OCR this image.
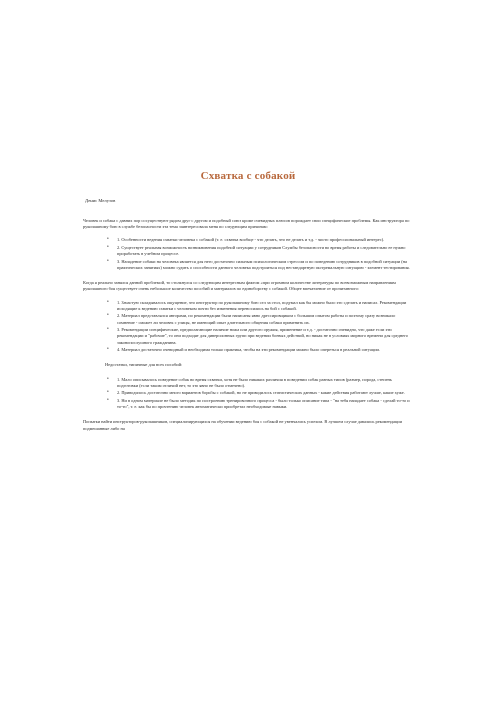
Схватка с собакой
Денис Мелузов

Человек и собака с давних пор сосуществуют рядом друг с другом и подобный союз кроме очевидных плюсов порождает свои специфические проблемы. Как инструктора по рукопашному бою в службе безопасности эта тема заинтересовала меня по следующим причинам:

• 1. Особенности ведения схватки человека с собакой (т. е. схватка вообще - что делать, что не делать и т.д. - чисто профессиональный интерес).
• 2. Существует реальная возможность возникновения подобной ситуации у сотрудников Службы безопасности во время работы и следовательно ее нужно проработать в учебном процессе.
• 3. Нападение собаки на человека является для него достаточно сильным психологическим стрессом и по поведению сотрудников в подобной ситуации (на практических занятиях) можно судить о способности данного человека подстроиться под нестандартную экстремальную ситуацию - элемент тестирования.

Когда я реально занялся данной проблемой, то столкнулся со следующим интересным фактом «при огромном количестве литературы по всевозможным направлениям рукопашного боя существует очень небольшое количество пособий и материалов по единоборству с собакой. Общее впечатление от прочитанного:

• 1. Зачастую складывалось ощущение, что инструктор по рукопашному бою сел за стол, подумал как бы можно было это сделать и написал. Рекомендации исходящие к ведению схватки с человеком почти без изменения переносились на бой с собакой.
• 2. Материал представлялся авторами, по рекомендации были написаны явно дрессировщиком с большим опытом работы и поэтому сразу возникало сомнение - сможет ли человек с улицы, не имеющий опыт длительного общения собаки применить их.
• 3. Рекомендации специфические, предполагающие наличие ножа или другого оружия, применение и т.д. - достаточно очевидно, что даже если эти рекомендации и "рабочие", то они подходят для диверсионных групп при ведении боевых действий, но никак не в условиях мирного времени для среднего законопослушного гражданина.
• 4. Материал достаточно очевидный и необходима только практика, чтобы на эти рекомендации можно было опереться в реальной ситуации.
Недостатки, типичные для всех пособий:
• 1. Мало описывалось поведение собак во время схватки, хотя не было никаких различия в поведении собак разных типов (размер, порода, степень подготовки (если таким отличий нет, то это явно не было отмечено).
• 2. Приводилось достаточно много вариантов борьбы с собакой, но не приводилось статистических данных - какие действия работают лучше, какие хуже.
• 3. Ни в одном материале не было методик по построению тренировочного процесса - было только описание типа - "на тебя нападает собака - сделай то-то и то-то", т. е. как бы по прочтению человек автоматически приобретал необходимые навыки.

Попытки найти инструкторов-рукопашников, специализирующихся на обучении ведению боя с собакой не увенчались успехом. В лучшем случае давались рекомендации подмешанные либо на
